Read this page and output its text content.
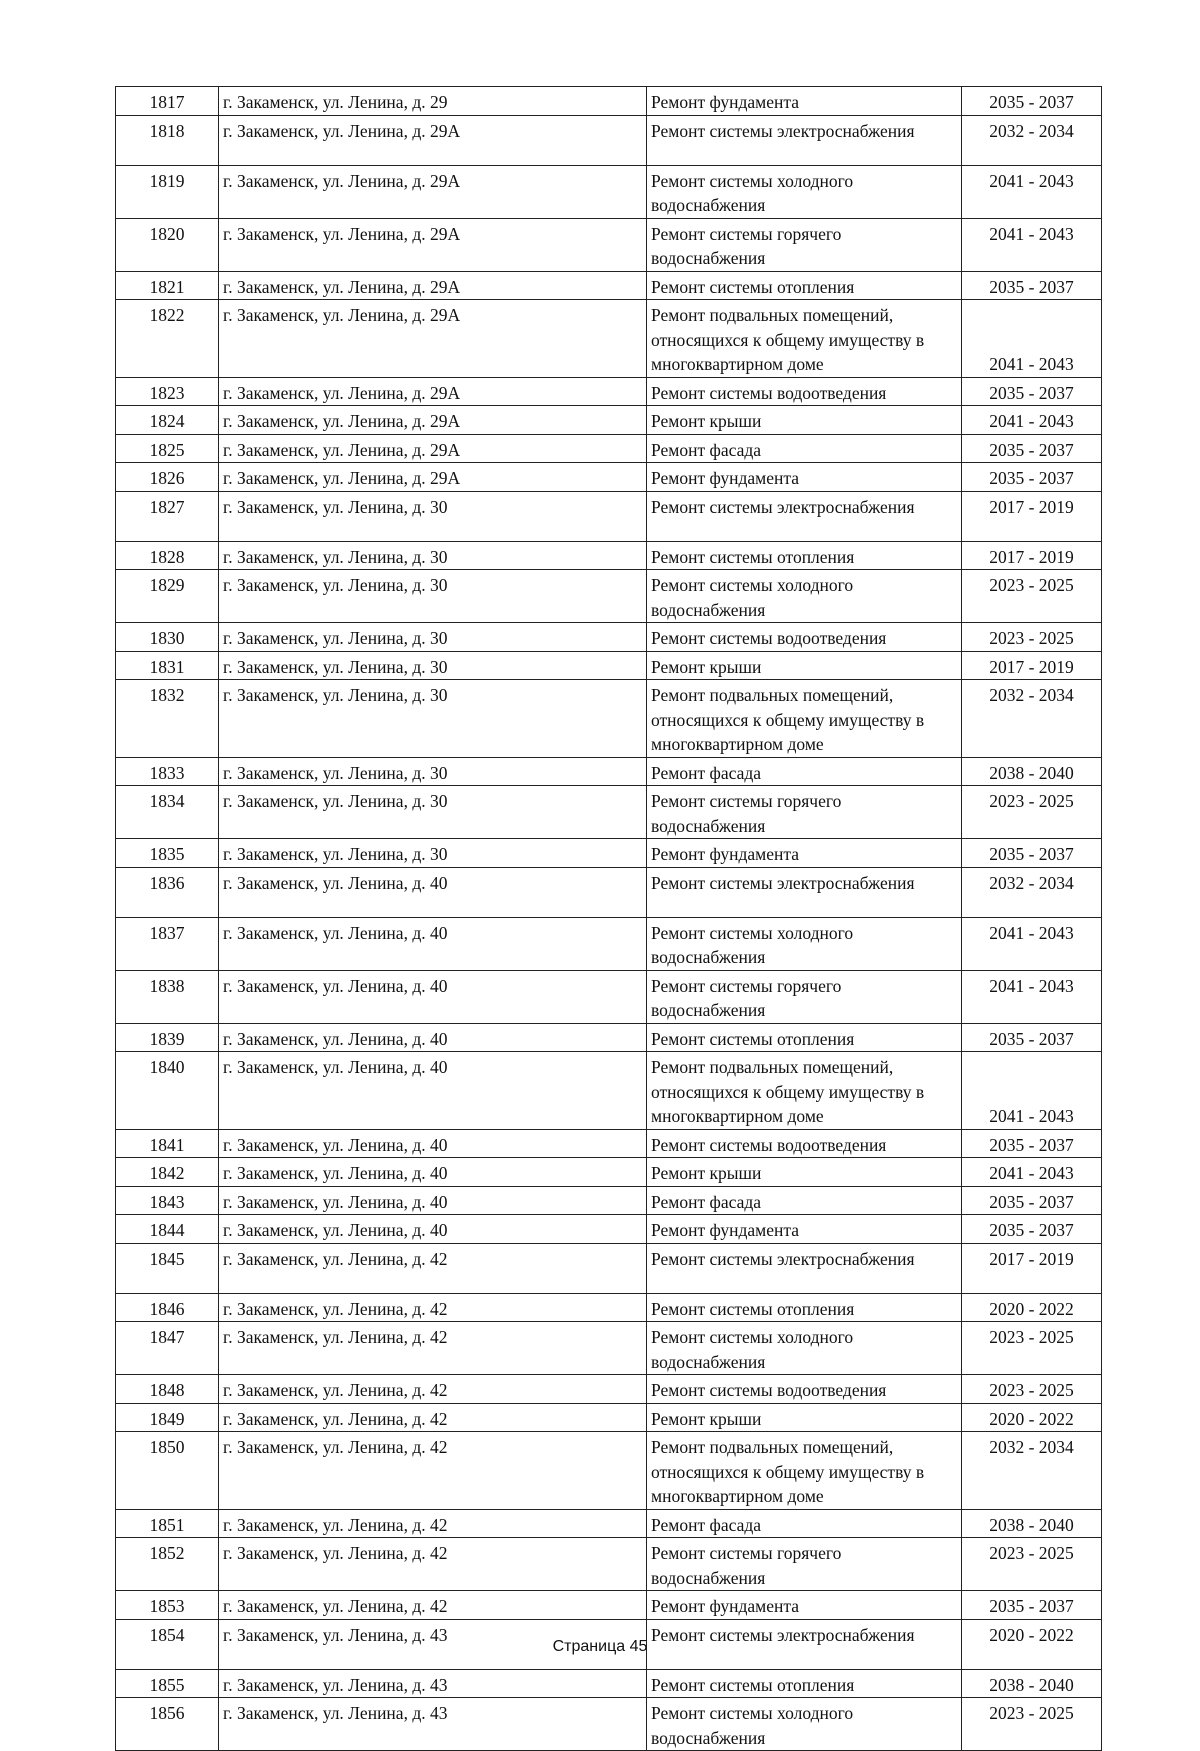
1817	г. Закаменск, ул. Ленина, д. 29	Ремонт фундамента	2035 - 2037
1818	г. Закаменск, ул. Ленина, д. 29А	Ремонт системы электроснабжения	2032 - 2034
1819	г. Закаменск, ул. Ленина, д. 29А	Ремонт системы холодного
водоснабжения	2041 - 2043
1820	г. Закаменск, ул. Ленина, д. 29А	Ремонт системы горячего
водоснабжения	2041 - 2043
1821	г. Закаменск, ул. Ленина, д. 29А	Ремонт системы отопления	2035 - 2037
1822	г. Закаменск, ул. Ленина, д. 29А	Ремонт подвальных помещений,
относящихся к общему имуществу в
многоквартирном доме	2041 - 2043
1823	г. Закаменск, ул. Ленина, д. 29А	Ремонт системы водоотведения	2035 - 2037
1824	г. Закаменск, ул. Ленина, д. 29А	Ремонт крыши	2041 - 2043
1825	г. Закаменск, ул. Ленина, д. 29А	Ремонт фасада	2035 - 2037
1826	г. Закаменск, ул. Ленина, д. 29А	Ремонт фундамента	2035 - 2037
1827	г. Закаменск, ул. Ленина, д. 30	Ремонт системы электроснабжения	2017 - 2019
1828	г. Закаменск, ул. Ленина, д. 30	Ремонт системы отопления	2017 - 2019
1829	г. Закаменск, ул. Ленина, д. 30	Ремонт системы холодного
водоснабжения	2023 - 2025
1830	г. Закаменск, ул. Ленина, д. 30	Ремонт системы водоотведения	2023 - 2025
1831	г. Закаменск, ул. Ленина, д. 30	Ремонт крыши	2017 - 2019
1832	г. Закаменск, ул. Ленина, д. 30	Ремонт подвальных помещений,
относящихся к общему имуществу в
многоквартирном доме	2032 - 2034
1833	г. Закаменск, ул. Ленина, д. 30	Ремонт фасада	2038 - 2040
1834	г. Закаменск, ул. Ленина, д. 30	Ремонт системы горячего
водоснабжения	2023 - 2025
1835	г. Закаменск, ул. Ленина, д. 30	Ремонт фундамента	2035 - 2037
1836	г. Закаменск, ул. Ленина, д. 40	Ремонт системы электроснабжения	2032 - 2034
1837	г. Закаменск, ул. Ленина, д. 40	Ремонт системы холодного
водоснабжения	2041 - 2043
1838	г. Закаменск, ул. Ленина, д. 40	Ремонт системы горячего
водоснабжения	2041 - 2043
1839	г. Закаменск, ул. Ленина, д. 40	Ремонт системы отопления	2035 - 2037
1840	г. Закаменск, ул. Ленина, д. 40	Ремонт подвальных помещений,
относящихся к общему имуществу в
многоквартирном доме	2041 - 2043
1841	г. Закаменск, ул. Ленина, д. 40	Ремонт системы водоотведения	2035 - 2037
1842	г. Закаменск, ул. Ленина, д. 40	Ремонт крыши	2041 - 2043
1843	г. Закаменск, ул. Ленина, д. 40	Ремонт фасада	2035 - 2037
1844	г. Закаменск, ул. Ленина, д. 40	Ремонт фундамента	2035 - 2037
1845	г. Закаменск, ул. Ленина, д. 42	Ремонт системы электроснабжения	2017 - 2019
1846	г. Закаменск, ул. Ленина, д. 42	Ремонт системы отопления	2020 - 2022
1847	г. Закаменск, ул. Ленина, д. 42	Ремонт системы холодного
водоснабжения	2023 - 2025
1848	г. Закаменск, ул. Ленина, д. 42	Ремонт системы водоотведения	2023 - 2025
1849	г. Закаменск, ул. Ленина, д. 42	Ремонт крыши	2020 - 2022
1850	г. Закаменск, ул. Ленина, д. 42	Ремонт подвальных помещений,
относящихся к общему имуществу в
многоквартирном доме	2032 - 2034
1851	г. Закаменск, ул. Ленина, д. 42	Ремонт фасада	2038 - 2040
1852	г. Закаменск, ул. Ленина, д. 42	Ремонт системы горячего
водоснабжения	2023 - 2025
1853	г. Закаменск, ул. Ленина, д. 42	Ремонт фундамента	2035 - 2037
1854	г. Закаменск, ул. Ленина, д. 43	Ремонт системы электроснабжения	2020 - 2022
1855	г. Закаменск, ул. Ленина, д. 43	Ремонт системы отопления	2038 - 2040
1856	г. Закаменск, ул. Ленина, д. 43	Ремонт системы холодного
водоснабжения	2023 - 2025
Страница 45
